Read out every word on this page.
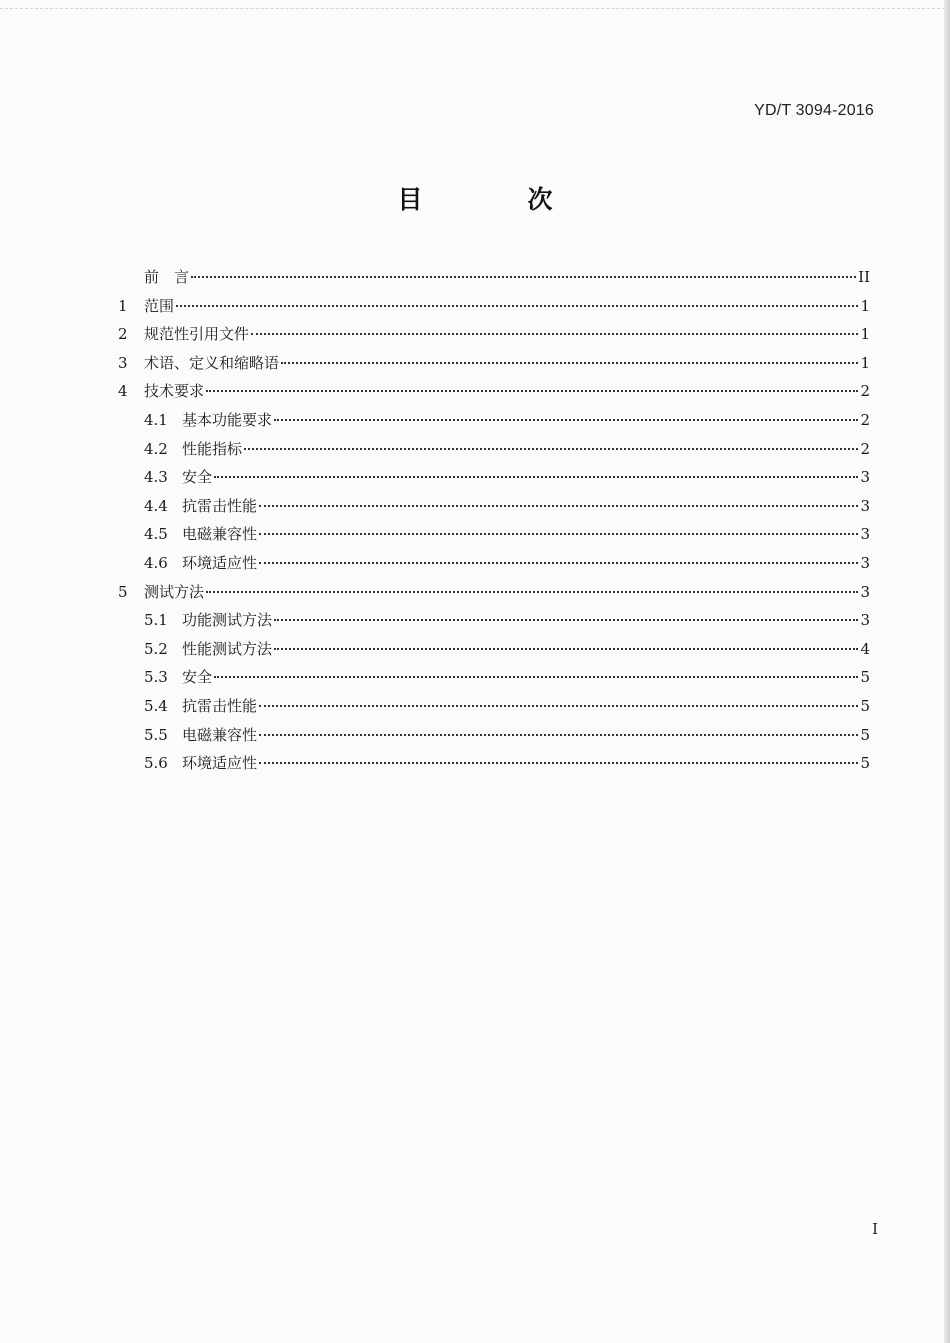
YD/T 3094-2016
目　次
前　言	II
1	范围	1
2	规范性引用文件	1
3	术语、定义和缩略语	1
4	技术要求	2
4.1 基本功能要求	2
4.2 性能指标	2
4.3 安全	3
4.4 抗雷击性能	3
4.5 电磁兼容性	3
4.6 环境适应性	3
5	测试方法	3
5.1 功能测试方法	3
5.2 性能测试方法	4
5.3 安全	5
5.4 抗雷击性能	5
5.5 电磁兼容性	5
5.6 环境适应性	5
I
